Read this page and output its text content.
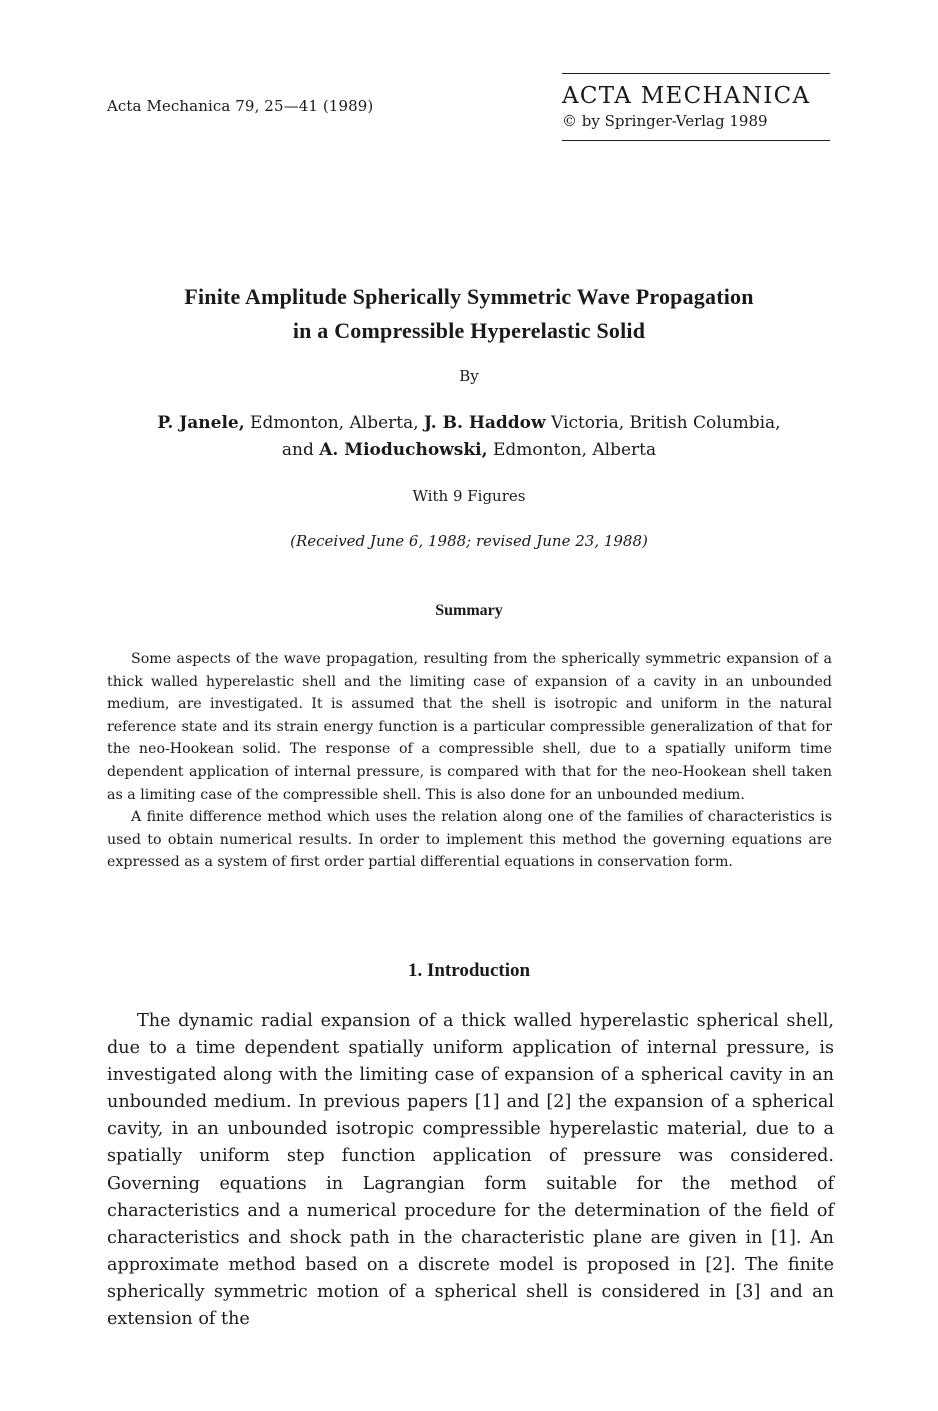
Acta Mechanica 79, 25—41 (1989)	ACTA MECHANICA
© by Springer-Verlag 1989
Finite Amplitude Spherically Symmetric Wave Propagation
in a Compressible Hyperelastic Solid
By
P. Janele, Edmonton, Alberta, J. B. Haddow Victoria, British Columbia,
and A. Mioduchowski, Edmonton, Alberta
With 9 Figures
(Received June 6, 1988; revised June 23, 1988)
Summary

Some aspects of the wave propagation, resulting from the spherically symmetric expansion of a thick walled hyperelastic shell and the limiting case of expansion of a cavity in an unbounded medium, are investigated. It is assumed that the shell is isotropic and uniform in the natural reference state and its strain energy function is a particular compressible generalization of that for the neo-Hookean solid. The response of a compressible shell, due to a spatially uniform time dependent application of internal pressure, is compared with that for the neo-Hookean shell taken as a limiting case of the compressible shell. This is also done for an unbounded medium.

A finite difference method which uses the relation along one of the families of characteristics is used to obtain numerical results. In order to implement this method the governing equations are expressed as a system of first order partial differential equations in conservation form.

1. Introduction

The dynamic radial expansion of a thick walled hyperelastic spherical shell, due to a time dependent spatially uniform application of internal pressure, is investigated along with the limiting case of expansion of a spherical cavity in an unbounded medium. In previous papers [1] and [2] the expansion of a spherical cavity, in an unbounded isotropic compressible hyperelastic material, due to a spatially uniform step function application of pressure was considered. Governing equations in Lagrangian form suitable for the method of characteristics and a numerical procedure for the determination of the field of characteristics and shock path in the characteristic plane are given in [1]. An approximate method based on a discrete model is proposed in [2]. The finite spherically symmetric motion of a spherical shell is considered in [3] and an extension of the
